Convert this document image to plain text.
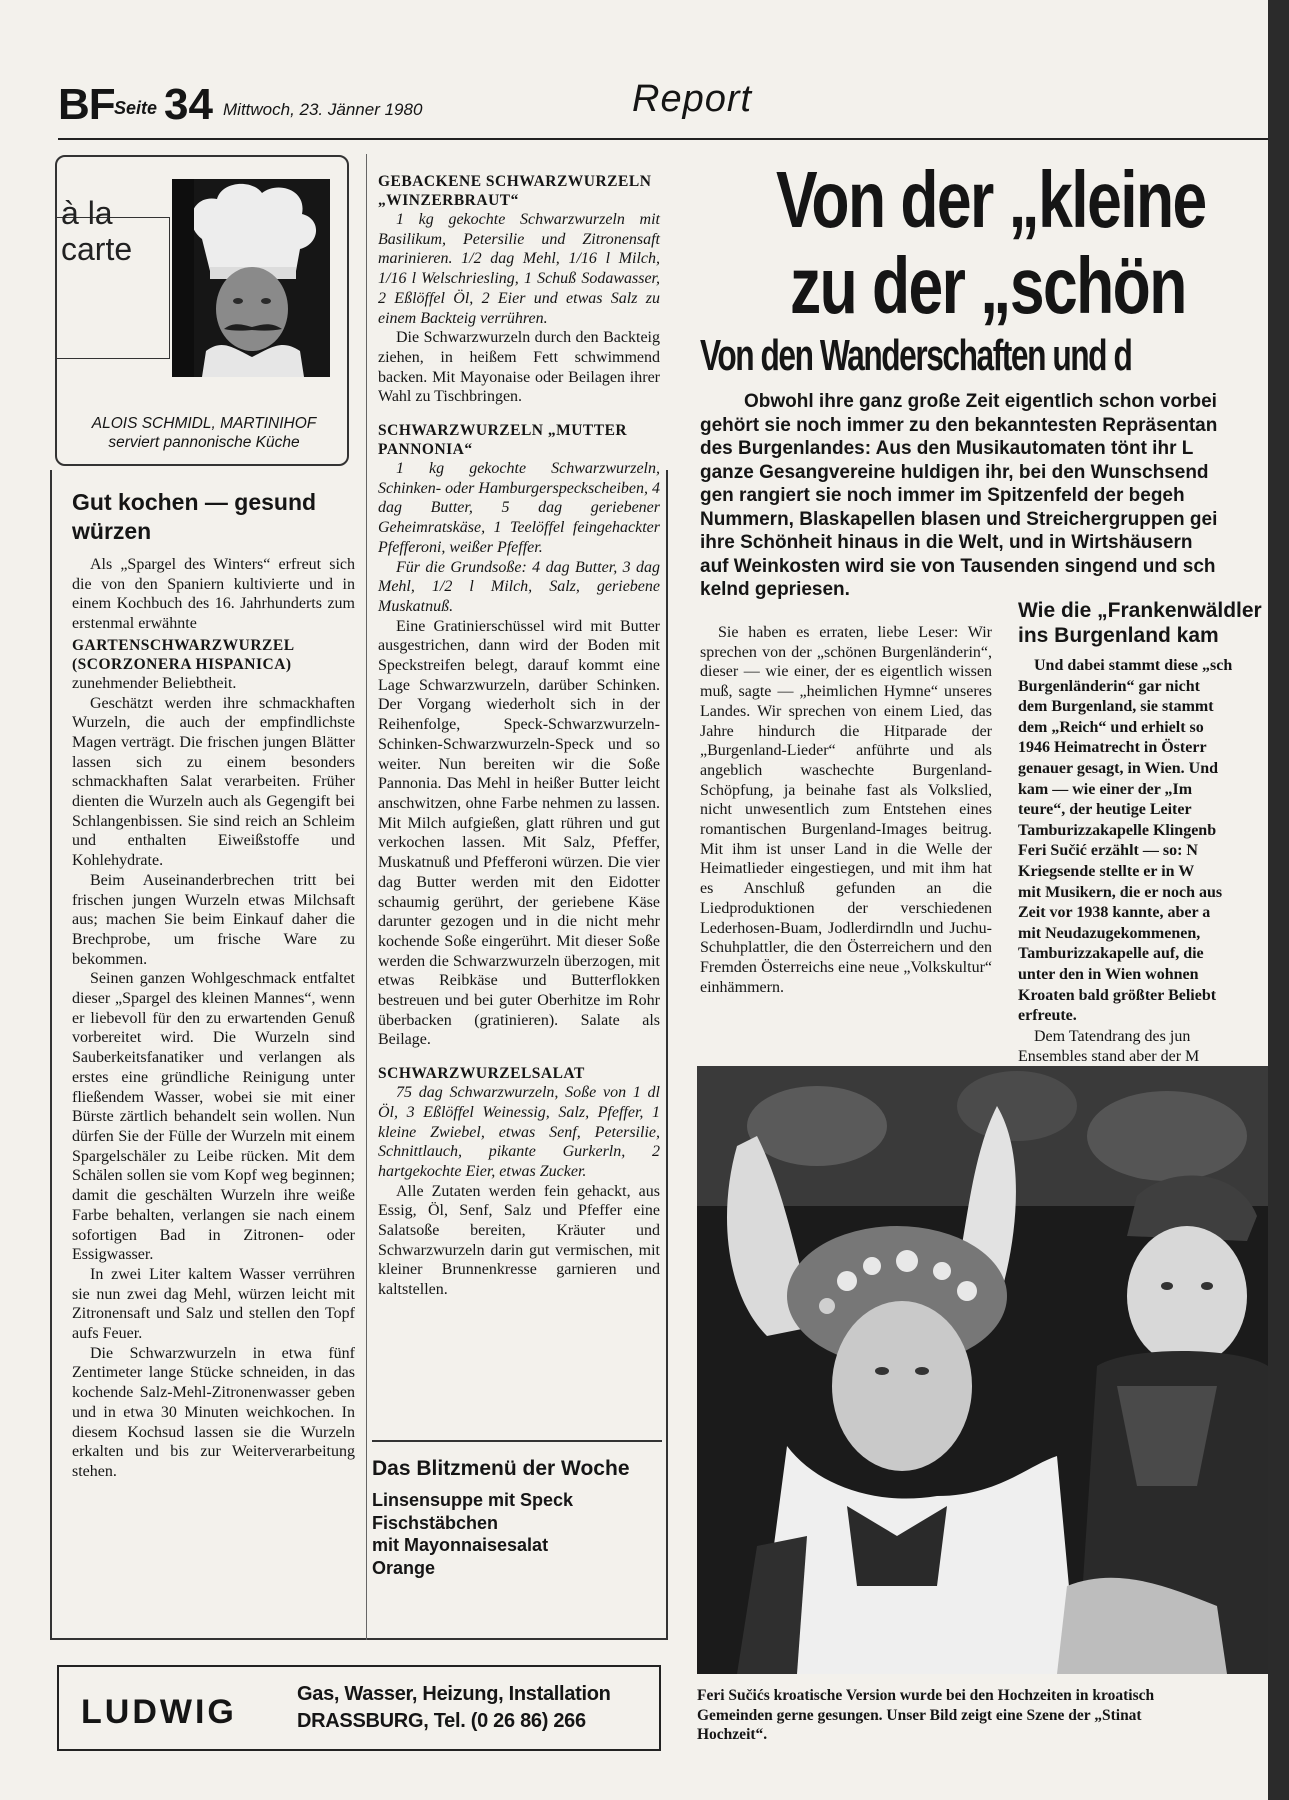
BF Seite 34 Mittwoch, 23. Jänner 1980	Report
à la
carte
ALOIS SCHMIDL, MARTINIHOF
serviert pannonische Küche
Gut kochen — gesund
würzen

Als „Spargel des Winters“ erfreut sich die von den Spaniern kultivierte und in einem Kochbuch des 16. Jahrhunderts zum erstenmal erwähnte

GARTENSCHWARZWURZEL
(SCORZONERA HISPANICA)

zunehmender Beliebtheit.

Geschätzt werden ihre schmackhaften Wurzeln, die auch der empfindlichste Magen verträgt. Die frischen jungen Blätter lassen sich zu einem besonders schmackhaften Salat verarbeiten. Früher dienten die Wurzeln auch als Gegengift bei Schlangenbissen. Sie sind reich an Schleim und enthalten Eiweißstoffe und Kohlehydrate.

Beim Auseinanderbrechen tritt bei frischen jungen Wurzeln etwas Milchsaft aus; machen Sie beim Einkauf daher die Brechprobe, um frische Ware zu bekommen.

Seinen ganzen Wohlgeschmack entfaltet dieser „Spargel des kleinen Mannes“, wenn er liebevoll für den zu erwartenden Genuß vorbereitet wird. Die Wurzeln sind Sauberkeitsfanatiker und verlangen als erstes eine gründliche Reinigung unter fließendem Wasser, wobei sie mit einer Bürste zärtlich behandelt sein wollen. Nun dürfen Sie der Fülle der Wurzeln mit einem Spargelschäler zu Leibe rücken. Mit dem Schälen sollen sie vom Kopf weg beginnen; damit die geschälten Wurzeln ihre weiße Farbe behalten, verlangen sie nach einem sofortigen Bad in Zitronen- oder Essigwasser.

In zwei Liter kaltem Wasser verrühren sie nun zwei dag Mehl, würzen leicht mit Zitronensaft und Salz und stellen den Topf aufs Feuer.

Die Schwarzwurzeln in etwa fünf Zentimeter lange Stücke schneiden, in das kochende Salz-Mehl-Zitronenwasser geben und in etwa 30 Minuten weichkochen. In diesem Kochsud lassen sie die Wurzeln erkalten und bis zur Weiterverarbeitung stehen.

GEBACKENE SCHWARZWURZELN „WINZERBRAUT“

1 kg gekochte Schwarzwurzeln mit Basilikum, Petersilie und Zitronensaft marinieren. 1/2 dag Mehl, 1/16 l Milch, 1/16 l Welschriesling, 1 Schuß Sodawasser, 2 Eßlöffel Öl, 2 Eier und etwas Salz zu einem Backteig verrühren.

Die Schwarzwurzeln durch den Backteig ziehen, in heißem Fett schwimmend backen. Mit Mayonaise oder Beilagen ihrer Wahl zu Tischbringen.

SCHWARZWURZELN „MUTTER PANNONIA“

1 kg gekochte Schwarzwurzeln, Schinken- oder Hamburgerspeckscheiben, 4 dag Butter, 5 dag geriebener Geheimratskäse, 1 Teelöffel feingehackter Pfefferoni, weißer Pfeffer.

Für die Grundsoße: 4 dag Butter, 3 dag Mehl, 1/2 l Milch, Salz, geriebene Muskatnuß.

Eine Gratinierschüssel wird mit Butter ausgestrichen, dann wird der Boden mit Speckstreifen belegt, darauf kommt eine Lage Schwarzwurzeln, darüber Schinken. Der Vorgang wiederholt sich in der Reihenfolge, Speck-Schwarzwurzeln-Schinken-Schwarzwurzeln-Speck und so weiter. Nun bereiten wir die Soße Pannonia. Das Mehl in heißer Butter leicht anschwitzen, ohne Farbe nehmen zu lassen. Mit Milch aufgießen, glatt rühren und gut verkochen lassen. Mit Salz, Pfeffer, Muskatnuß und Pfefferoni würzen. Die vier dag Butter werden mit den Eidotter schaumig gerührt, der geriebene Käse darunter gezogen und in die nicht mehr kochende Soße eingerührt. Mit dieser Soße werden die Schwarzwurzeln überzogen, mit etwas Reibkäse und Butterflokken bestreuen und bei guter Oberhitze im Rohr überbacken (gratinieren). Salate als Beilage.

SCHWARZWURZELSALAT

75 dag Schwarzwurzeln, Soße von 1 dl Öl, 3 Eßlöffel Weinessig, Salz, Pfeffer, 1 kleine Zwiebel, etwas Senf, Petersilie, Schnittlauch, pikante Gurkerln, 2 hartgekochte Eier, etwas Zucker.

Alle Zutaten werden fein gehackt, aus Essig, Öl, Senf, Salz und Pfeffer eine Salatsoße bereiten, Kräuter und Schwarzwurzeln darin gut vermischen, mit kleiner Brunnenkresse garnieren und kaltstellen.

Das Blitzmenü der Woche
Linsensuppe mit Speck
Fischstäbchen
mit Mayonnaisesalat
Orange
LUDWIG	Gas, Wasser, Heizung, Installation
DRASSBURG, Tel. (0 26 86) 266
Von der „kleine
zu der „schön
Von den Wanderschaften und d
Obwohl ihre ganz große Zeit eigentlich schon vorbei
gehört sie noch immer zu den bekanntesten Repräsentan
des Burgenlandes: Aus den Musikautomaten tönt ihr L
ganze Gesangvereine huldigen ihr, bei den Wunschsend
gen rangiert sie noch immer im Spitzenfeld der begeh
Nummern, Blaskapellen blasen und Streichergruppen gei
ihre Schönheit hinaus in die Welt, und in Wirtshäusern
auf Weinkosten wird sie von Tausenden singend und sch
kelnd gepriesen.

Sie haben es erraten, liebe Leser: Wir sprechen von der „schönen Burgenländerin“, dieser — wie einer, der es eigentlich wissen muß, sagte — „heimlichen Hymne“ unseres Landes. Wir sprechen von einem Lied, das Jahre hindurch die Hitparade der „Burgenland-Lieder“ anführte und als angeblich waschechte Burgenland-Schöpfung, ja beinahe fast als Volkslied, nicht unwesentlich zum Entstehen eines romantischen Burgenland-Images beitrug. Mit ihm ist unser Land in die Welle der Heimatlieder eingestiegen, und mit ihm hat es Anschluß gefunden an die Liedproduktionen der verschiedenen Lederhosen-Buam, Jodlerdirndln und Juchu-Schuhplattler, die den Österreichern und den Fremden Österreichs eine neue „Volkskultur“ einhämmern.

Wie die „Frankenwäldler
ins Burgenland kam
Und dabei stammt diese „sch
Burgenländerin“ gar nicht
dem Burgenland, sie stammt
dem „Reich“ und erhielt so
1946 Heimatrecht in Österr
genauer gesagt, in Wien. Und
kam — wie einer der „Im
teure“, der heutige Leiter
Tamburizzakapelle Klingenb
Feri Sučić erzählt — so: N
Kriegsende stellte er in W
mit Musikern, die er noch aus
Zeit vor 1938 kannte, aber a
mit Neudazugekommenen,
Tamburizzakapelle auf, die
unter den in Wien wohnen
Kroaten bald größter Beliebt
erfreute.
Dem Tatendrang des jun
Ensembles stand aber der M
Feri Sučićs kroatische Version wurde bei den Hochzeiten in kroatisch
Gemeinden gerne gesungen. Unser Bild zeigt eine Szene der „Stinat
Hochzeit“.
